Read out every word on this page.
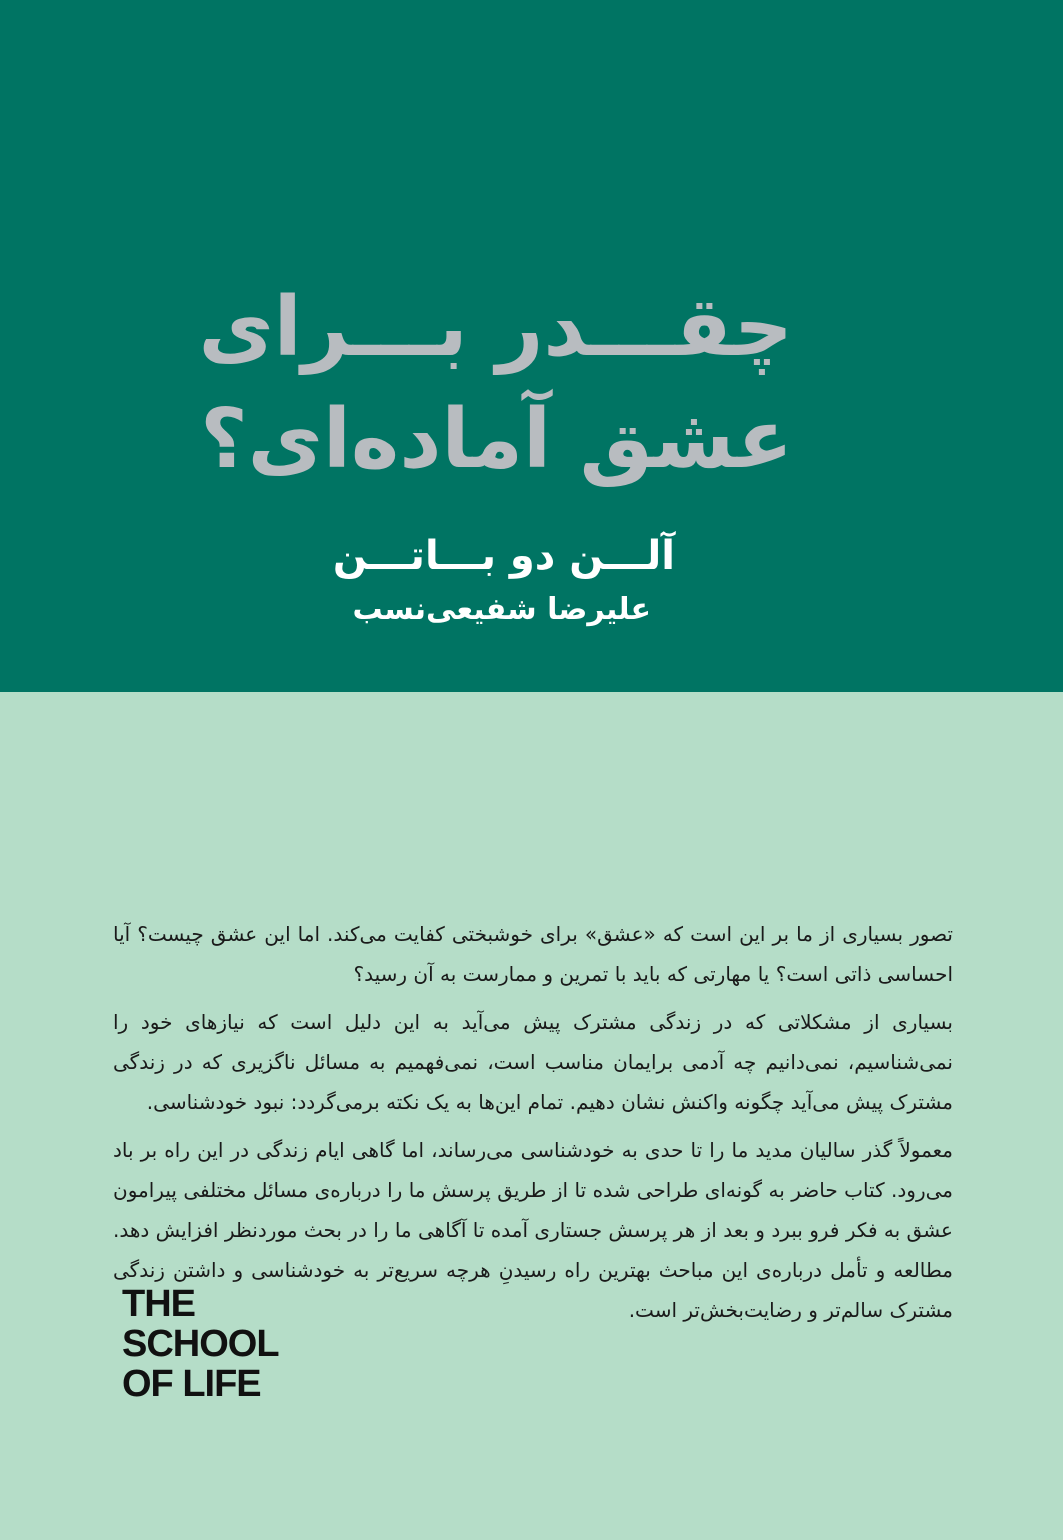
چقـــدر بـــرای
عشق آماده‌ای؟
آلـــن دو بـــاتـــن
علیرضا شفیعی‌نسب

تصور بسیاری از ما بر این است که «عشق» برای خوشبختی کفایت می‌کند. اما این عشق چیست؟ آیا احساسی ذاتی است؟ یا مهارتی که باید با تمرین و ممارست به آن رسید؟

بسیاری از مشکلاتی که در زندگی مشترک پیش می‌آید به این دلیل است که نیازهای خود را نمی‌شناسیم، نمی‌دانیم چه آدمی برایمان مناسب است، نمی‌فهمیم به مسائل ناگزیری که در زندگی مشترک پیش می‌آید چگونه واکنش نشان دهیم. تمام این‌ها به یک نکته برمی‌گردد: نبود خودشناسی.

معمولاً گذر سالیان مدید ما را تا حدی به خودشناسی می‌رساند، اما گاهی ایام زندگی در این راه بر باد می‌رود. کتاب حاضر به گونه‌ای طراحی شده تا از طریق پرسش ما را درباره‌ی مسائل مختلفی پیرامون عشق به فکر فرو ببرد و بعد از هر پرسش جستاری آمده تا آگاهی ما را در بحث موردنظر افزایش دهد. مطالعه و تأمل درباره‌ی این مباحث بهترین راه رسیدنِ هرچه سریع‌تر به خودشناسی و داشتن زندگی مشترک سالم‌تر و رضایت‌بخش‌تر است.

THE
SCHOOL
OF LIFE
